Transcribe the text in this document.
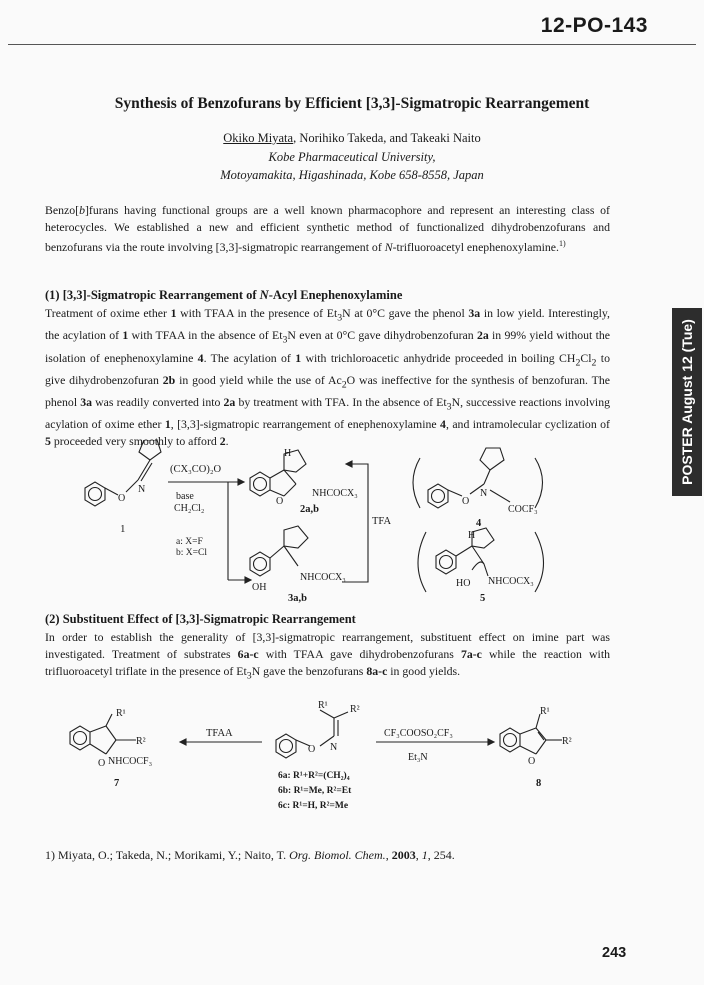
12-PO-143
Synthesis of Benzofurans by Efficient [3,3]-Sigmatropic Rearrangement
Okiko Miyata, Norihiko Takeda, and Takeaki Naito
Kobe Pharmaceutical University,
Motoyamakita, Higashinada, Kobe 658-8558, Japan
Benzo[b]furans having functional groups are a well known pharmacophore and represent an interesting class of heterocycles. We established a new and efficient synthetic method of functionalized dihydrobenzofurans and benzofurans via the route involving [3,3]-sigmatropic rearrangement of N-trifluoroacetyl enephenoxylamine.$^{1)}$
(1) [3,3]-Sigmatropic Rearrangement of N-Acyl Enephenoxylamine
Treatment of oxime ether 1 with TFAA in the presence of $Et_3N$ at 0°C gave the phenol 3a in low yield. Interestingly, the acylation of 1 with TFAA in the absence of $Et_3N$ even at 0°C gave dihydrobenzofuran 2a in 99% yield without the isolation of enephenoxylamine 4. The acylation of 1 with trichloroacetic anhydride proceeded in boiling $CH_2Cl_2$ to give dihydrobenzofuran 2b in good yield while the use of $Ac_2O$ was ineffective for the synthesis of benzofuran. The phenol 3a was readily converted into 2a by treatment with TFA. In the absence of $Et_3N$, successive reactions involving acylation of oxime ether 1, [3,3]-sigmatropic rearrangement of enephenoxylamine 4, and intramolecular cyclization of 5 proceeded very smoothly to afford 2.
O
N
1
(CX₃CO)₂O
base
CH₂Cl₂
a: X=F
b: X=Cl
H
O
NHCOCX₃
2a,b
OH
NHCOCX₃
3a,b
TFA
O
N
COCF₃
4
H
HO NHCOCX₃
5
(2) Substituent Effect of [3,3]-Sigmatropic Rearrangement
In order to establish the generality of [3,3]-sigmatropic rearrangement, substituent effect on imine part was investigated. Treatment of substrates 6a-c with TFAA gave dihydrobenzofurans 7a-c while the reaction with trifluoroacetyl triflate in the presence of $Et_3N$ gave the benzofurans 8a-c in good yields.
R¹
R²
O NHCOCF₃
7
TFAA
O N
R¹ R²
6a: R¹+R²=(CH₂)₄
6b: R¹=Me, R²=Et
6c: R¹=H, R²=Me
CF₃COOSO₂CF₃
Et₃N
R¹
R²
O
8
1) Miyata, O.; Takeda, N.; Morikami, Y.; Naito, T. Org. Biomol. Chem., 2003, 1, 254.
POSTER August 12 (Tue)
243
